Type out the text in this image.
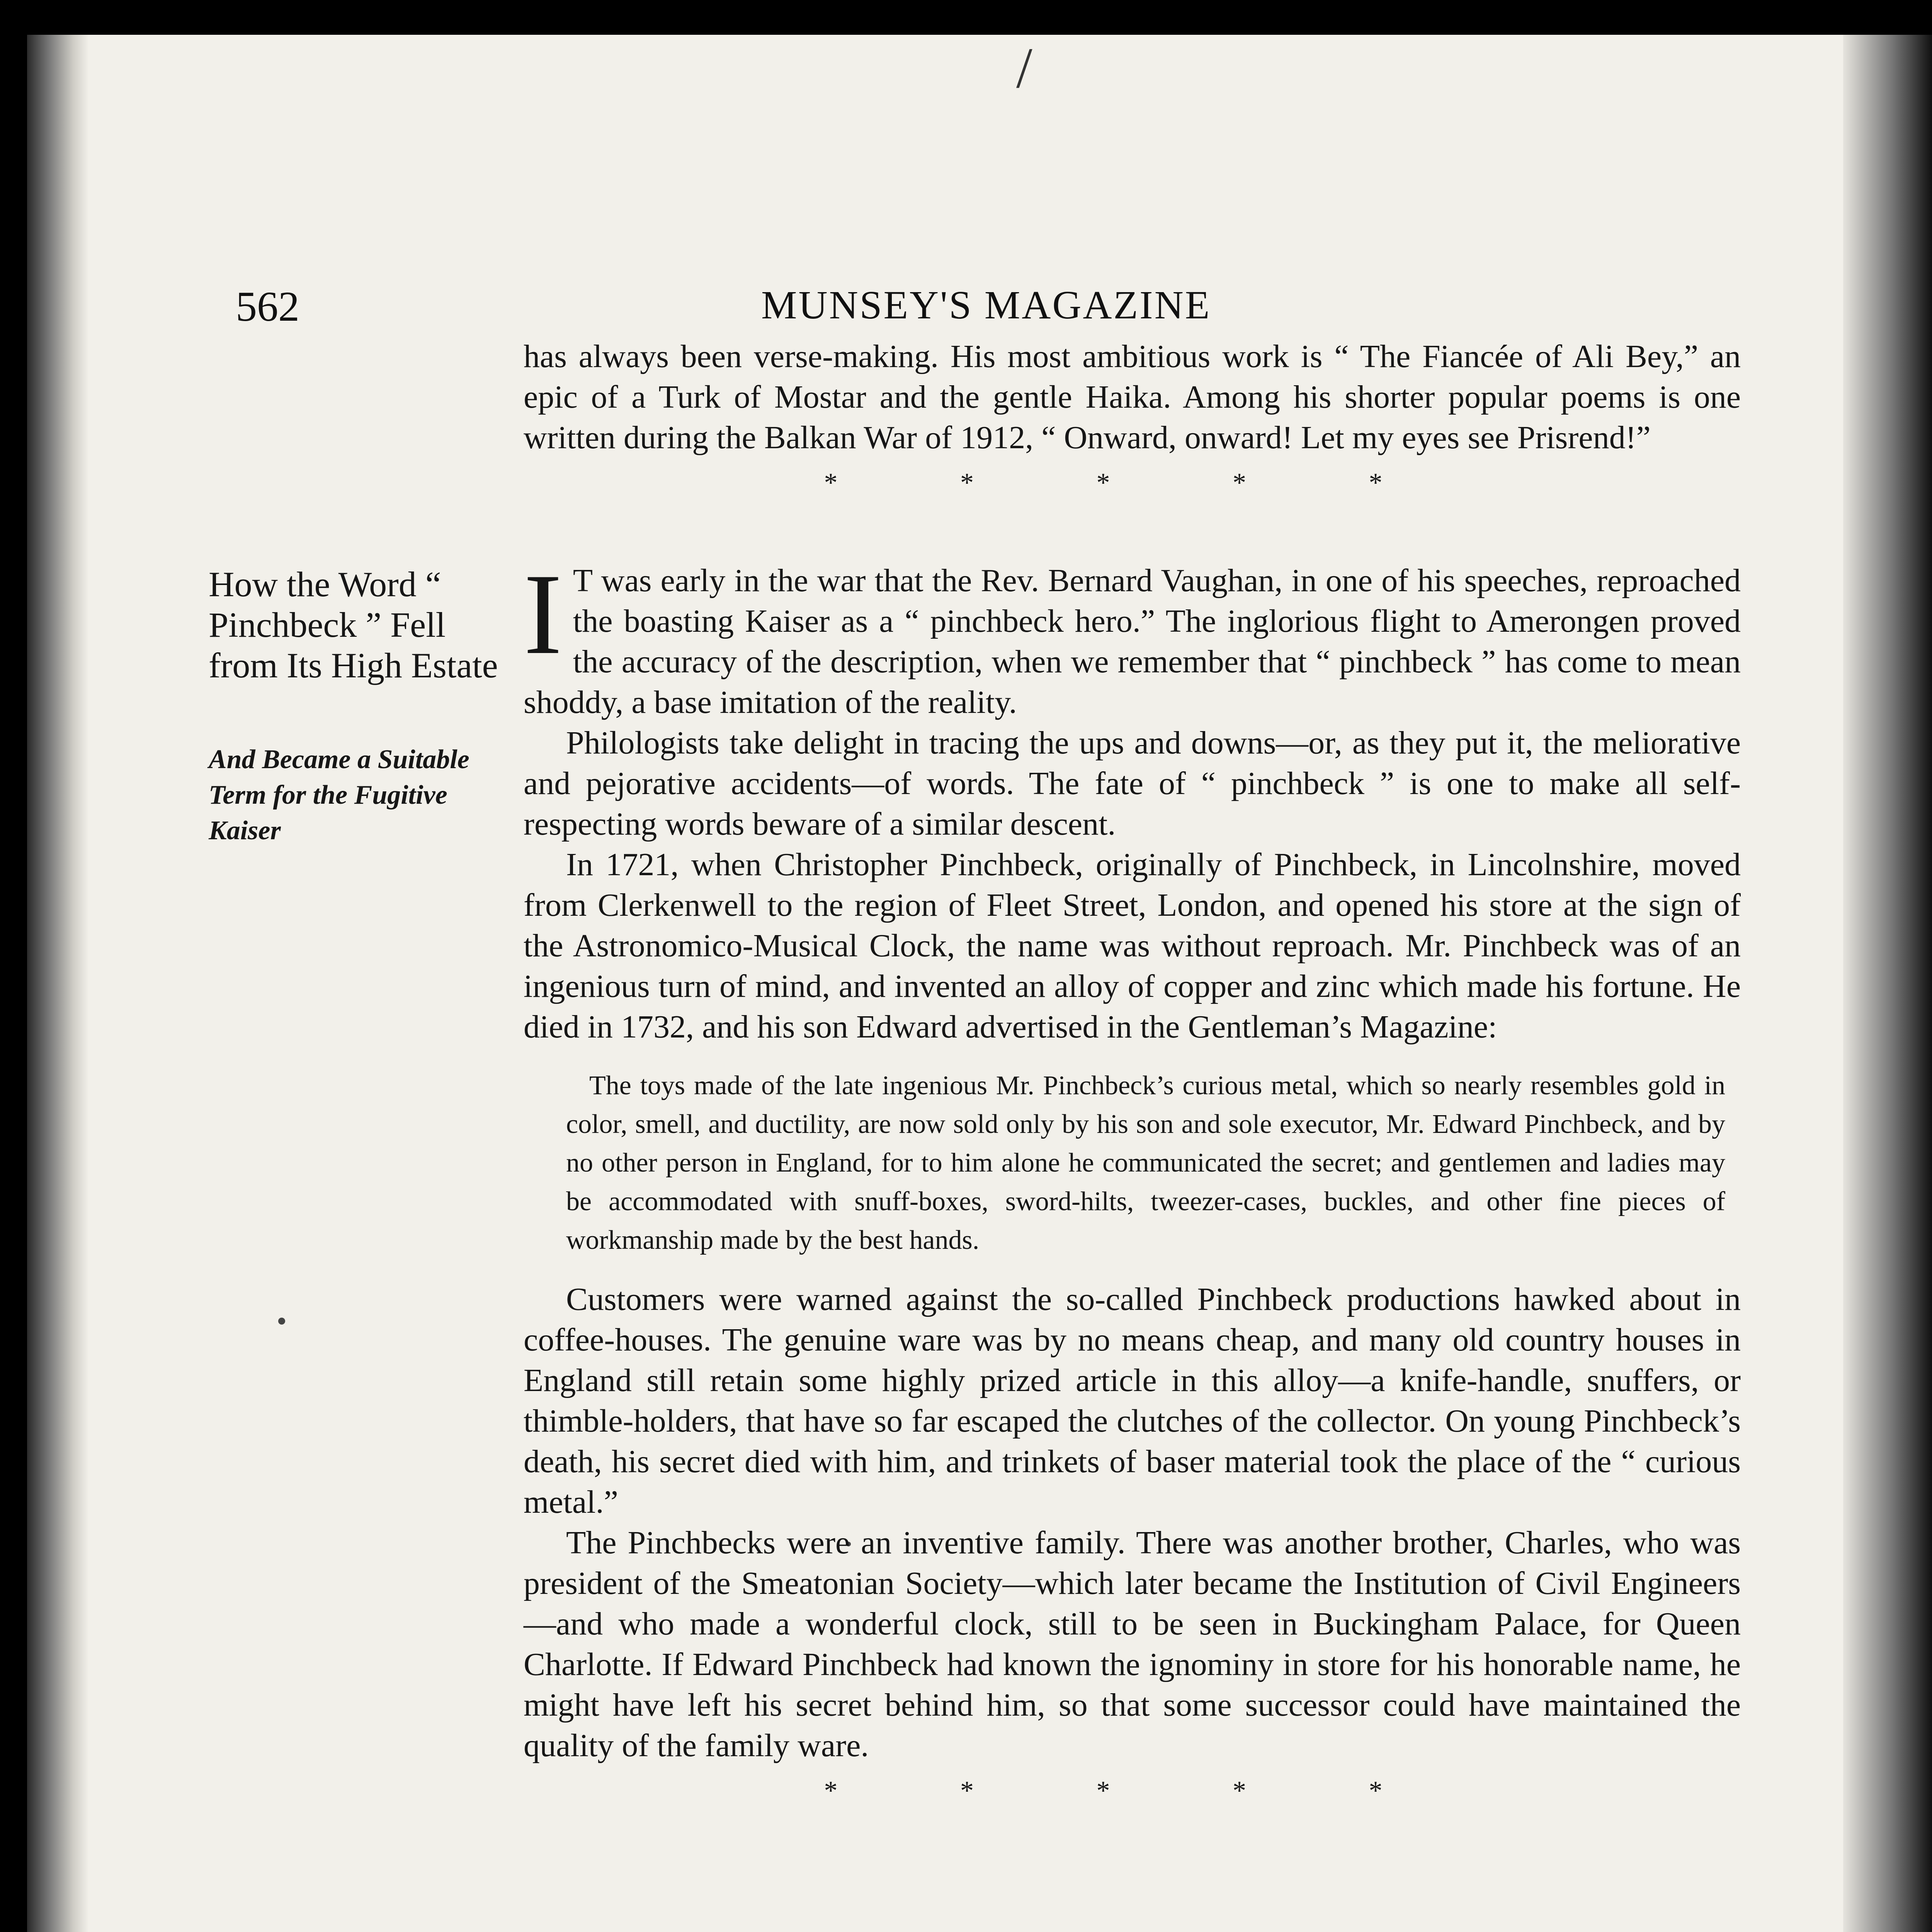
/
562	MUNSEY'S MAGAZINE

has always been verse-making. His most ambitious work is “ The Fiancée of Ali Bey,” an epic of a Turk of Mostar and the gentle Haika. Among his shorter popular poems is one written during the Balkan War of 1912, “ Onward, onward! Let my eyes see Prisrend!”

* * * * *
How the Word “ Pinchbeck ” Fell from Its High Estate
And Became a Suitable Term for the Fugitive Kaiser

I T was early in the war that the Rev. Bernard Vaughan, in one of his speeches, reproached the boasting Kaiser as a “ pinchbeck hero.” The inglorious flight to Amerongen proved the accuracy of the description, when we remember that “ pinchbeck ” has come to mean shoddy, a base imitation of the reality.

Philologists take delight in tracing the ups and downs—or, as they put it, the meliorative and pejorative accidents—of words. The fate of “ pinchbeck ” is one to make all self-respecting words beware of a similar descent.

In 1721, when Christopher Pinchbeck, originally of Pinchbeck, in Lincolnshire, moved from Clerkenwell to the region of Fleet Street, London, and opened his store at the sign of the Astronomico-Musical Clock, the name was without reproach. Mr. Pinchbeck was of an ingenious turn of mind, and invented an alloy of copper and zinc which made his fortune. He died in 1732, and his son Edward advertised in the Gentleman’s Magazine:

The toys made of the late ingenious Mr. Pinchbeck’s curious metal, which so nearly resembles gold in color, smell, and ductility, are now sold only by his son and sole executor, Mr. Edward Pinchbeck, and by no other person in England, for to him alone he communicated the secret; and gentlemen and ladies may be accommodated with snuff-boxes, sword-hilts, tweezer-cases, buckles, and other fine pieces of workmanship made by the best hands.

Customers were warned against the so-called Pinchbeck productions hawked about in coffee-houses. The genuine ware was by no means cheap, and many old country houses in England still retain some highly prized article in this alloy—a knife-handle, snuffers, or thimble-holders, that have so far escaped the clutches of the collector. On young Pinchbeck’s death, his secret died with him, and trinkets of baser material took the place of the “ curious metal.”

The Pinchbecks were an inventive family. There was another brother, Charles, who was president of the Smeatonian Society—which later became the Institution of Civil Engineers—and who made a wonderful clock, still to be seen in Buckingham Palace, for Queen Charlotte. If Edward Pinchbeck had known the ignominy in store for his honorable name, he might have left his secret behind him, so that some successor could have maintained the quality of the family ware.

* * * * *
